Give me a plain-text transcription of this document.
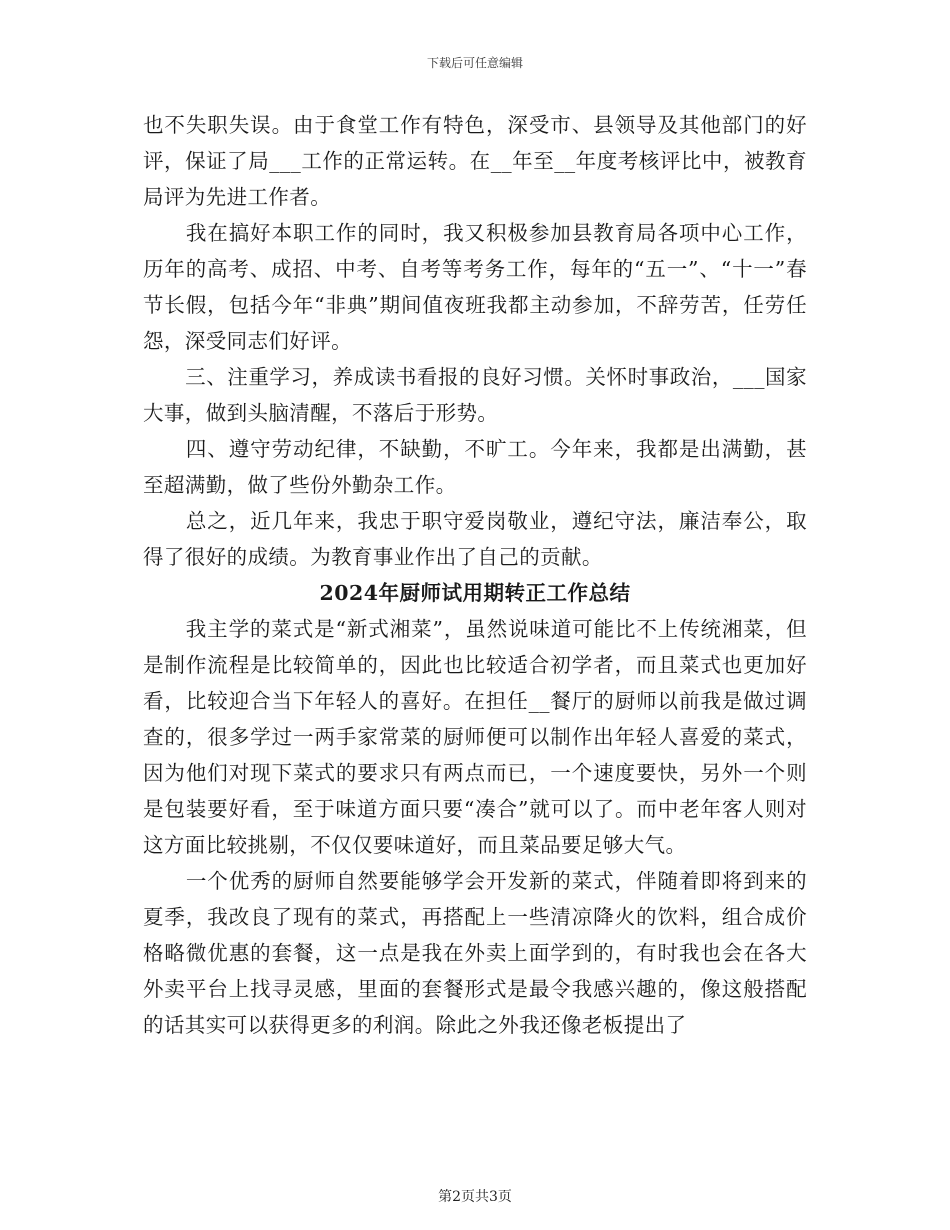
下载后可任意编辑

也不失职失误。由于食堂工作有特色，深受市、县领导及其他部门的好评，保证了局___工作的正常运转。在__年至__年度考核评比中，被教育局评为先进工作者。

　　我在搞好本职工作的同时，我又积极参加县教育局各项中心工作，历年的高考、成招、中考、自考等考务工作，每年的“五一”、“十一”春节长假，包括今年“非典”期间值夜班我都主动参加，不辞劳苦，任劳任怨，深受同志们好评。

　　三、注重学习，养成读书看报的良好习惯。关怀时事政治，___国家大事，做到头脑清醒，不落后于形势。

　　四、遵守劳动纪律，不缺勤，不旷工。今年来，我都是出满勤，甚至超满勤，做了些份外勤杂工作。

　　总之，近几年来，我忠于职守爱岗敬业，遵纪守法，廉洁奉公，取得了很好的成绩。为教育事业作出了自己的贡献。

2024年厨师试用期转正工作总结

　　我主学的菜式是“新式湘菜”，虽然说味道可能比不上传统湘菜，但是制作流程是比较简单的，因此也比较适合初学者，而且菜式也更加好看，比较迎合当下年轻人的喜好。在担任__餐厅的厨师以前我是做过调查的，很多学过一两手家常菜的厨师便可以制作出年轻人喜爱的菜式，因为他们对现下菜式的要求只有两点而已，一个速度要快，另外一个则是包装要好看，至于味道方面只要“凑合”就可以了。而中老年客人则对这方面比较挑剔，不仅仅要味道好，而且菜品要足够大气。

　　一个优秀的厨师自然要能够学会开发新的菜式，伴随着即将到来的夏季，我改良了现有的菜式，再搭配上一些清凉降火的饮料，组合成价格略微优惠的套餐，这一点是我在外卖上面学到的，有时我也会在各大外卖平台上找寻灵感，里面的套餐形式是最令我感兴趣的，像这般搭配的话其实可以获得更多的利润。除此之外我还像老板提出了

第2页共3页
